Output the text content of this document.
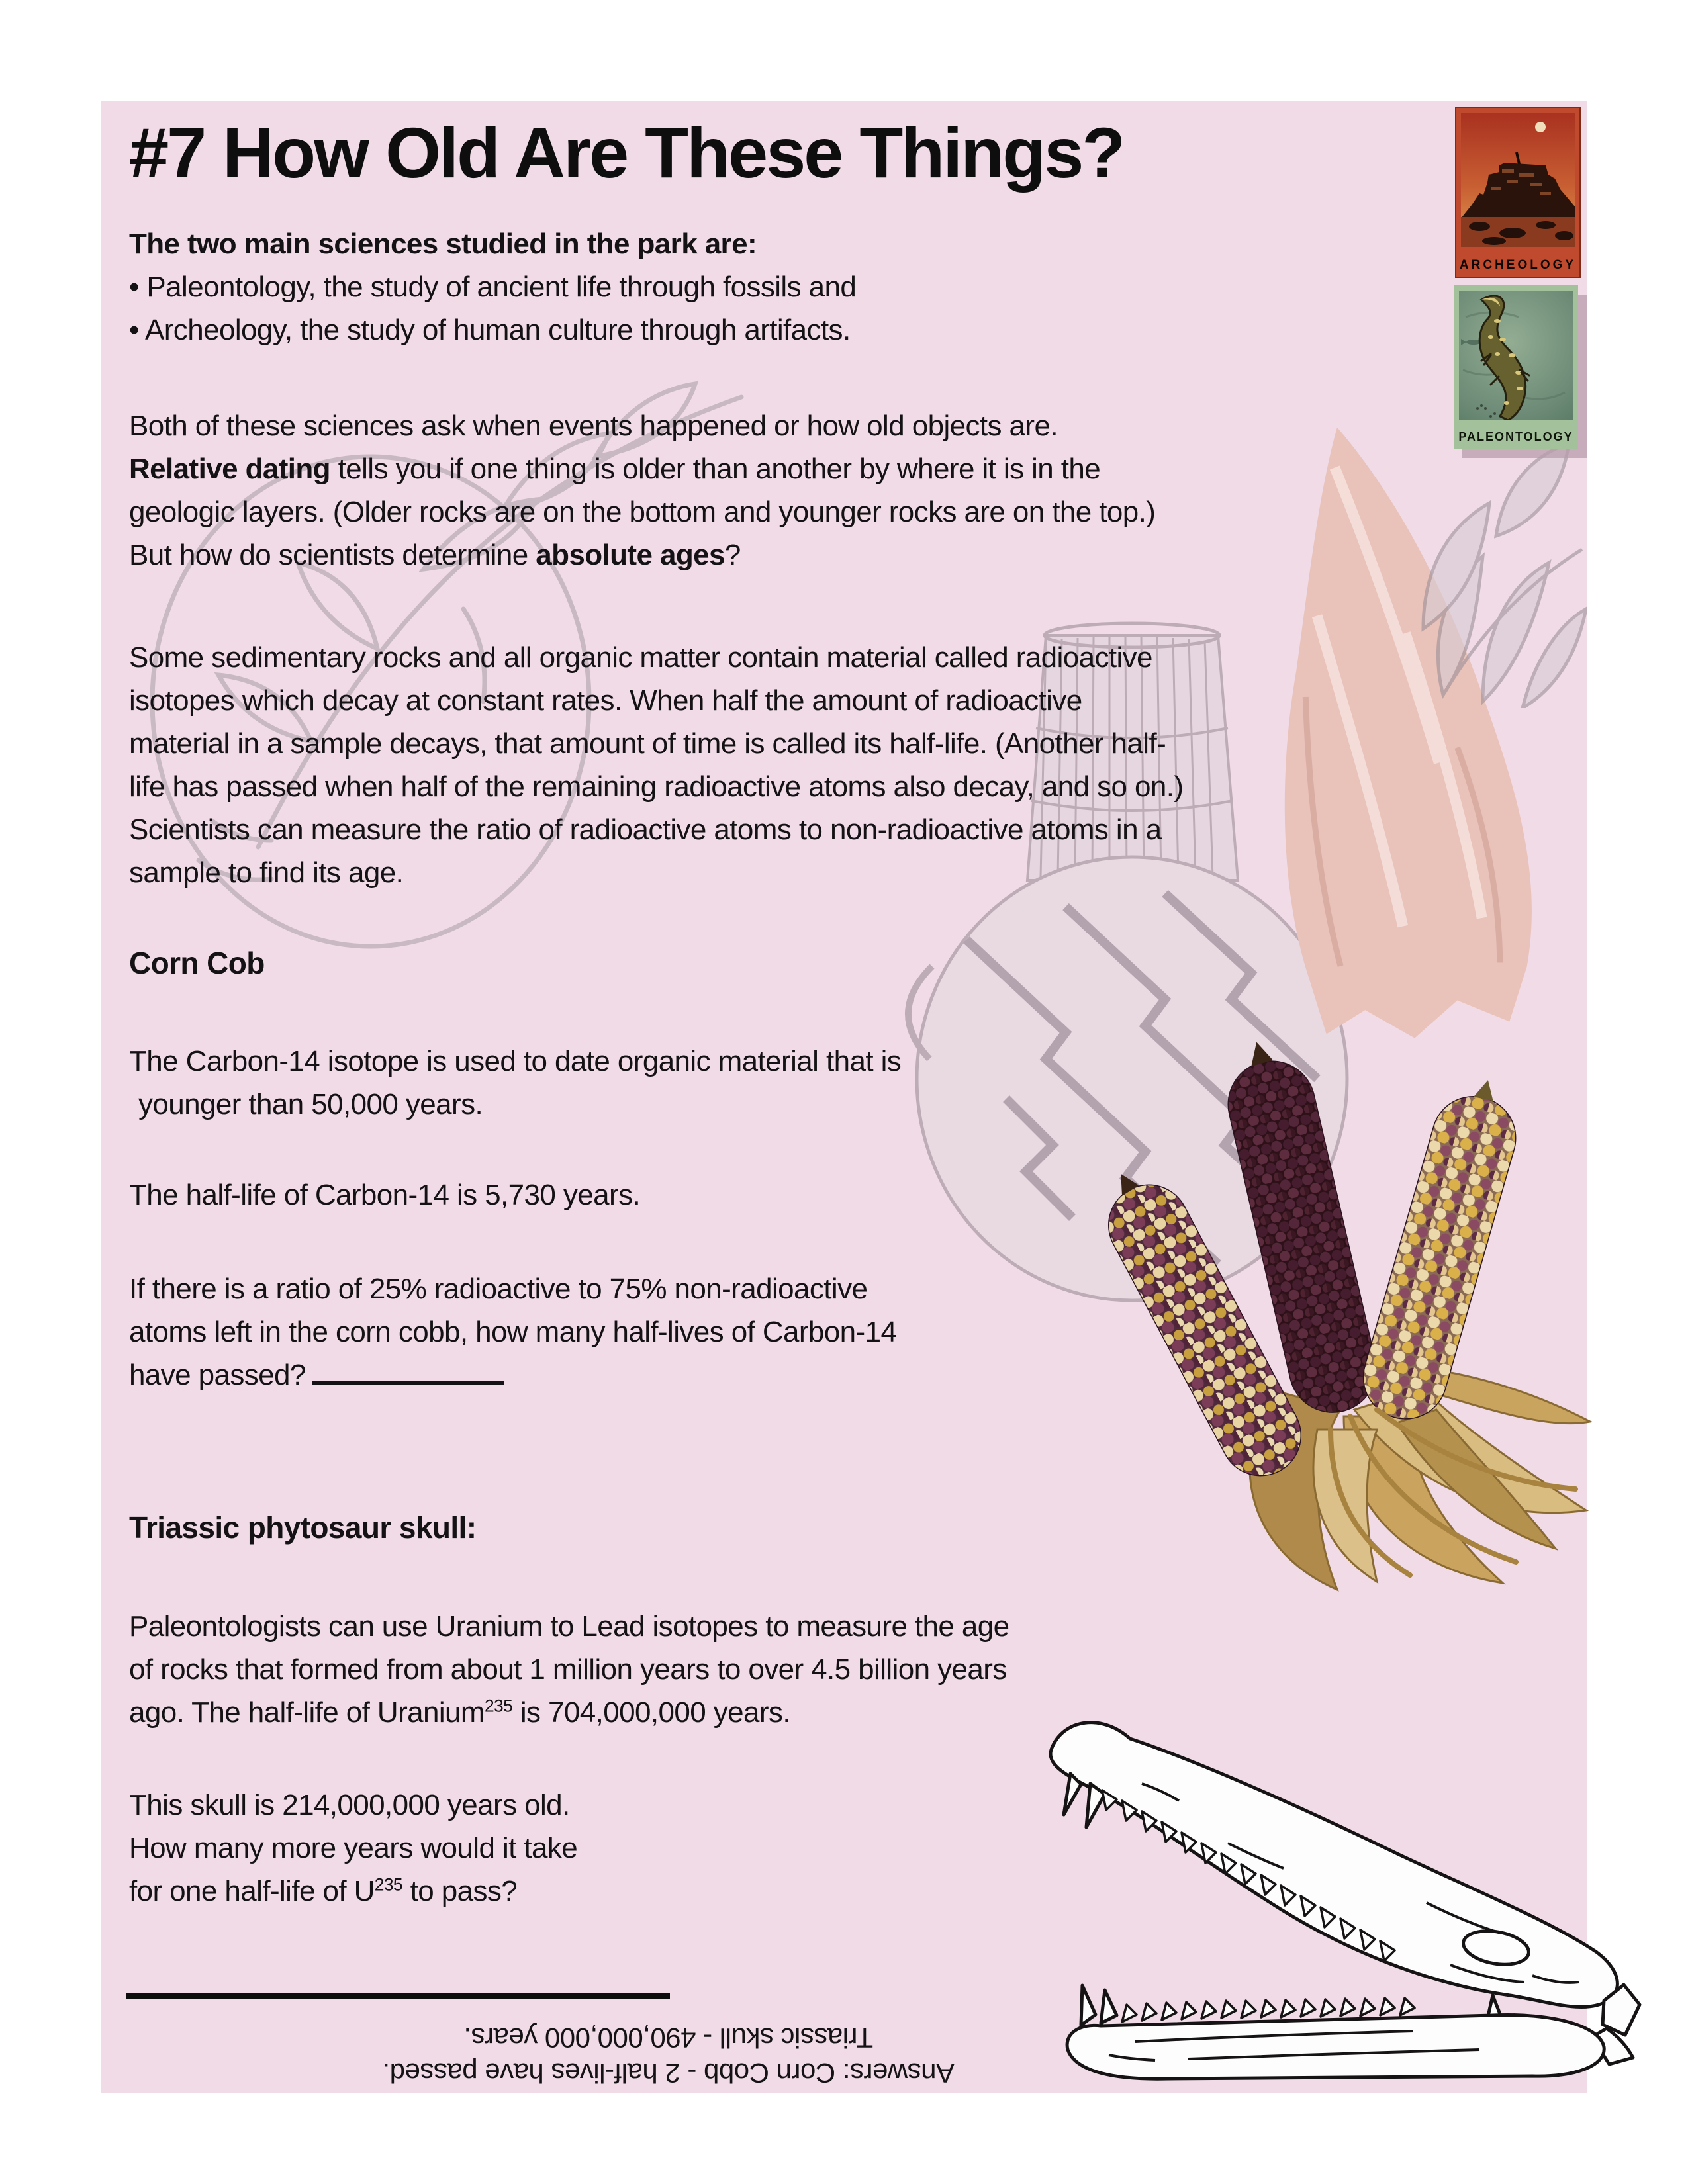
#7 How Old Are These Things?
The two main sciences studied in the park are:
• Paleontology, the study of ancient life through fossils and
• Archeology, the study of human culture through artifacts.
Both of these sciences ask when events happened or how old objects are.
Relative dating tells you if one thing is older than another by where it is in the
geologic layers. (Older rocks are on the bottom and younger rocks are on the top.)
But how do scientists determine absolute ages?
Some sedimentary rocks and all organic matter contain material called radioactive
isotopes which decay at constant rates. When half the amount of radioactive
material in a sample decays, that amount of time is called its half-life. (Another half-
life has passed when half of the remaining radioactive atoms also decay, and so on.)
Scientists can measure the ratio of radioactive atoms to non-radioactive atoms in a
sample to find its age.
Corn Cob
The Carbon-14 isotope is used to date organic material that is
younger than 50,000 years.
The half-life of Carbon-14 is 5,730 years.
If there is a ratio of 25% radioactive to 75% non-radioactive
atoms left in the corn cobb, how many half-lives of Carbon-14
have passed?
Triassic phytosaur skull:
Paleontologists can use Uranium to Lead isotopes to measure the age
of rocks that formed from about 1 million years to over 4.5 billion years
ago. The half-life of Uranium$^{235}$ is 704,000,000 years.
This skull is 214,000,000 years old.
How many more years would it take
for one half-life of $U^{235}$ to pass?
Answers: Corn Cobb - 2 half-lives have passed.
Triassic skull - 490,000,000 years.
ARCHEOLOGY
PALEONTOLOGY
